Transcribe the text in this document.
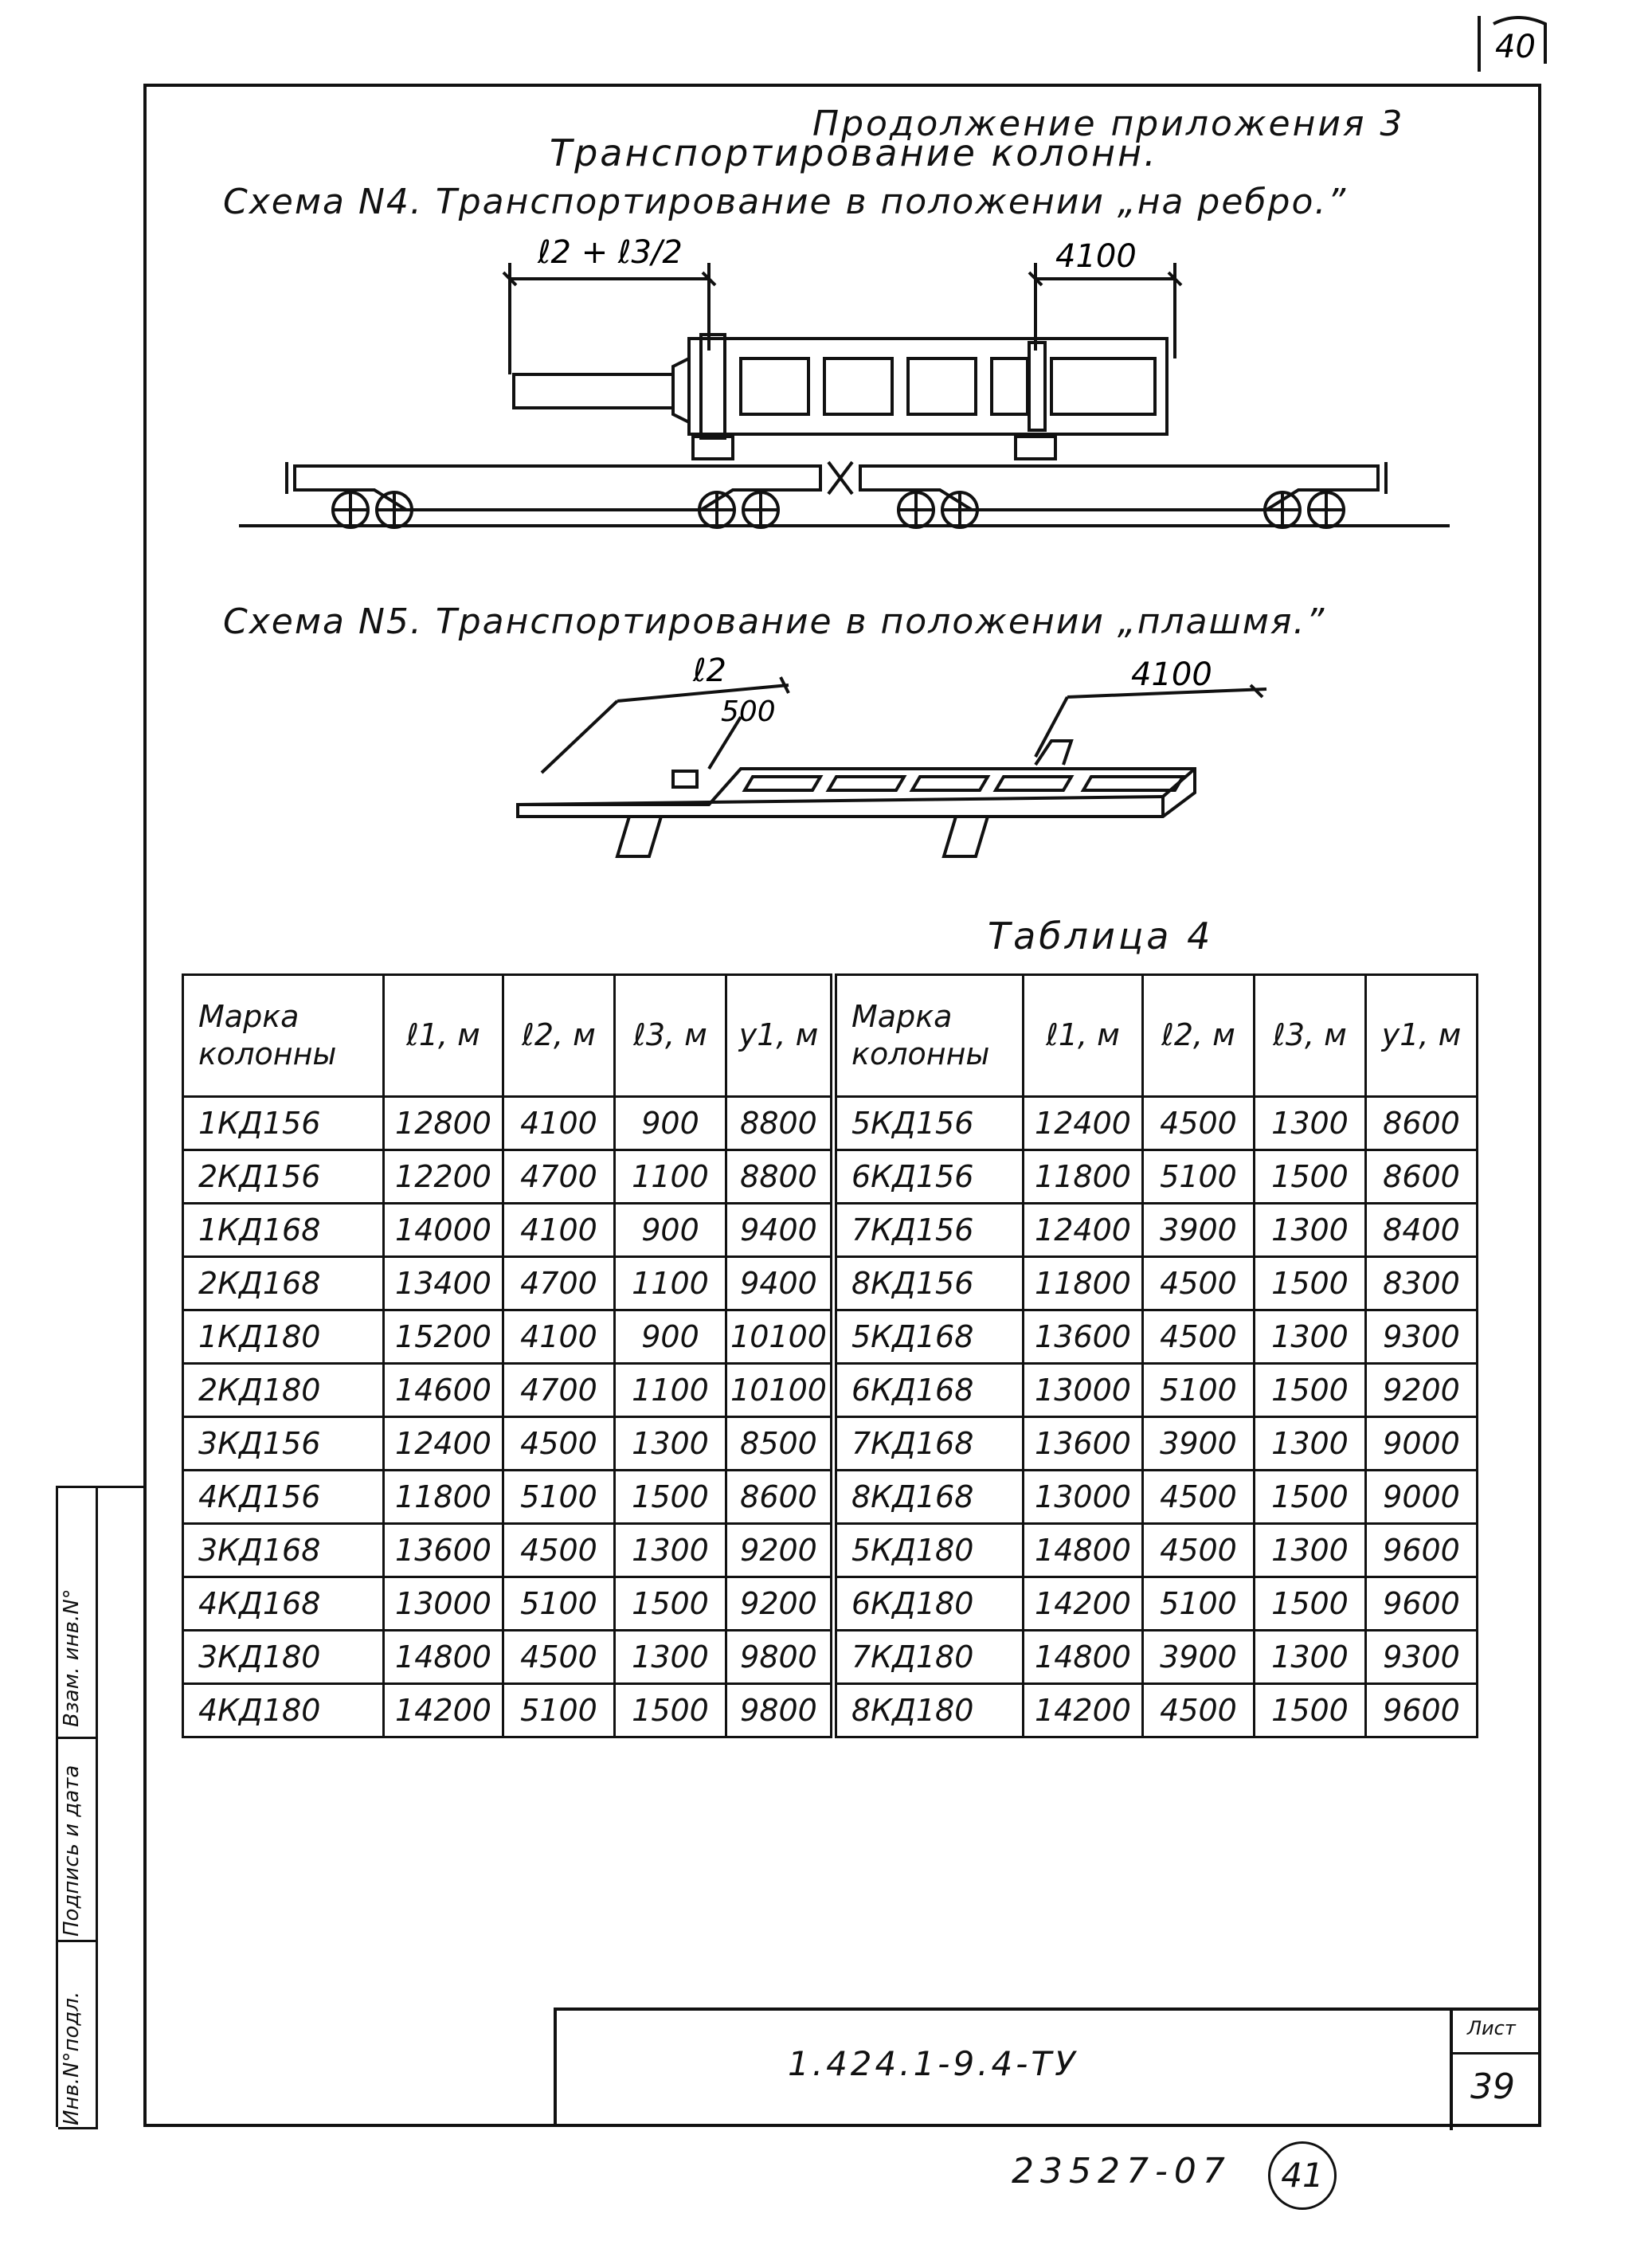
40
Продолжение приложения 3
Транспортирование колонн.
Схема N4. Транспортирование в положении „на ребро.”
ℓ2 + ℓ3/2	4100
Схема N5. Транспортирование в положении „плашмя.”
ℓ2
500
4100
Таблица 4
Марка колонны	ℓ1, м	ℓ2, м	ℓ3, м	y1, м	Марка колонны	ℓ1, м	ℓ2, м	ℓ3, м	y1, м
1КД156	12800	4100	900	8800	5КД156	12400	4500	1300	8600
2КД156	12200	4700	1100	8800	6КД156	11800	5100	1500	8600
1КД168	14000	4100	900	9400	7КД156	12400	3900	1300	8400
2КД168	13400	4700	1100	9400	8КД156	11800	4500	1500	8300
1КД180	15200	4100	900	10100	5КД168	13600	4500	1300	9300
2КД180	14600	4700	1100	10100	6КД168	13000	5100	1500	9200
3КД156	12400	4500	1300	8500	7КД168	13600	3900	1300	9000
4КД156	11800	5100	1500	8600	8КД168	13000	4500	1500	9000
3КД168	13600	4500	1300	9200	5КД180	14800	4500	1300	9600
4КД168	13000	5100	1500	9200	6КД180	14200	5100	1500	9600
3КД180	14800	4500	1300	9800	7КД180	14800	3900	1300	9300
4КД180	14200	5100	1500	9800	8КД180	14200	4500	1500	9600
Взам. инв.N°
Подпись и дата
Инв.N°подл.	1.424.1-9.4-ТУ
Лист
39
23527-07	41
